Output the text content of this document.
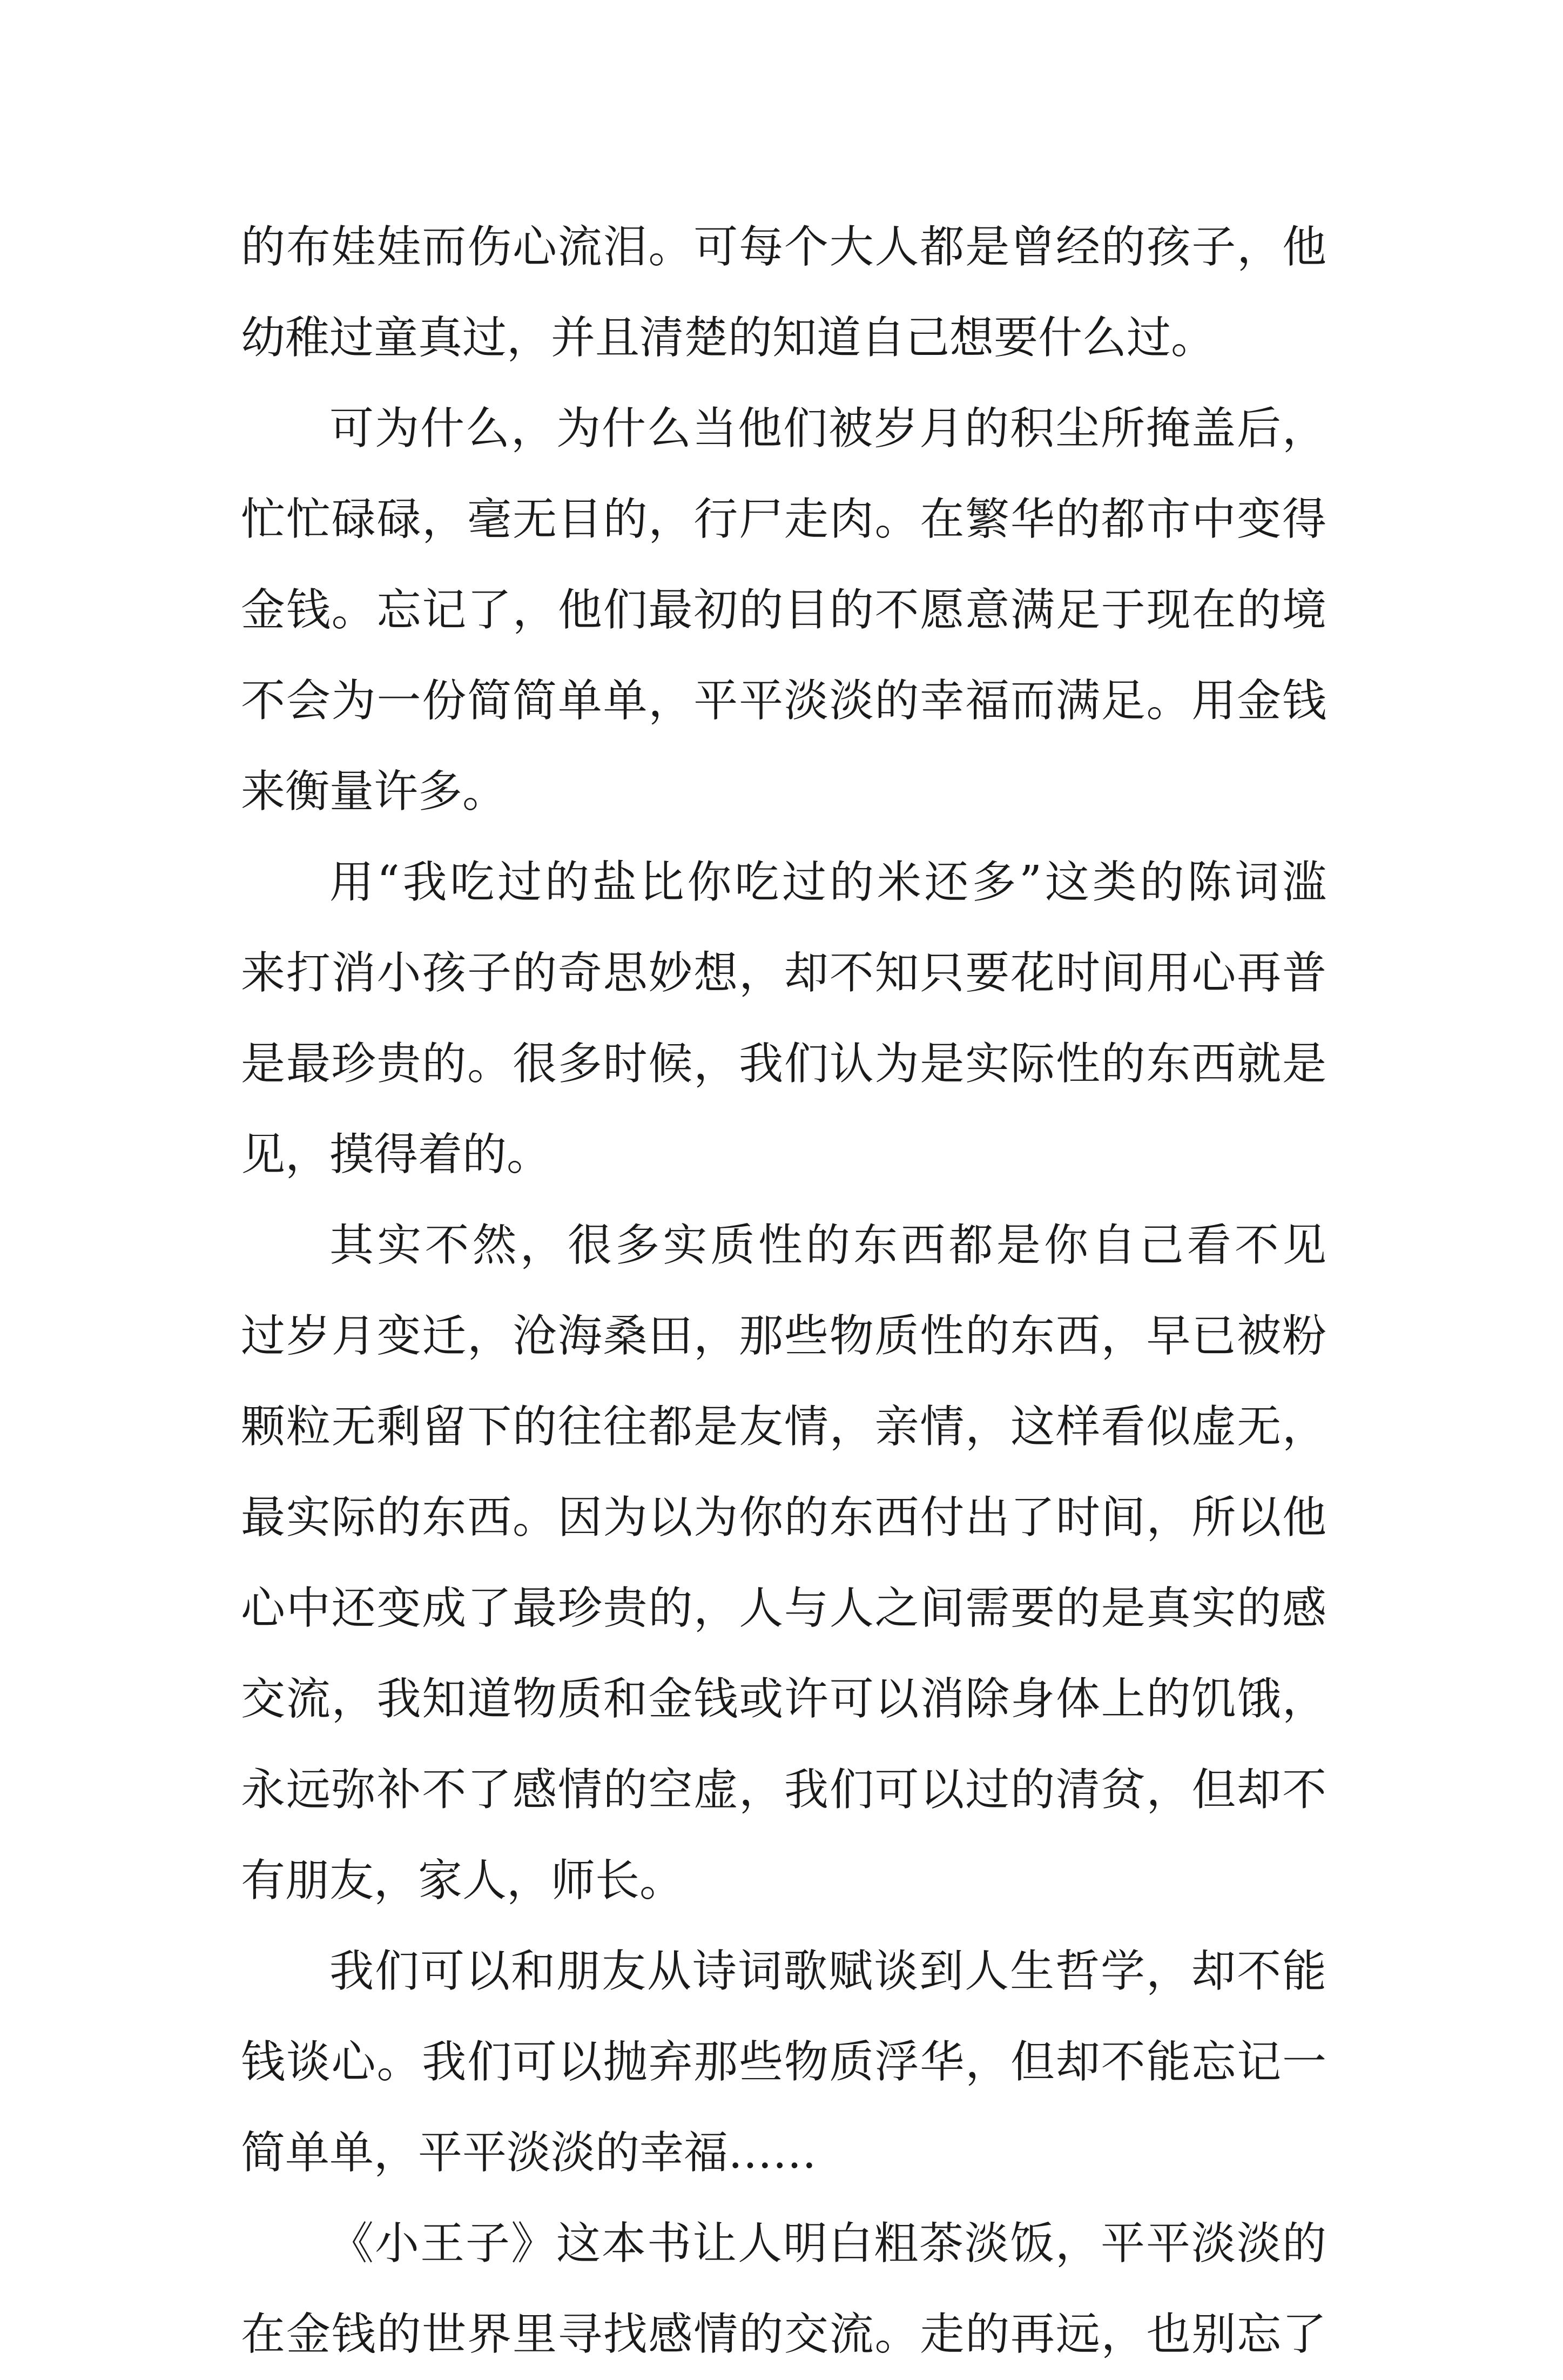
的布娃娃而伤心流泪。可每个大人都是曾经的孩子，他
幼稚过童真过，并且清楚的知道自己想要什么过。
可为什么，为什么当他们被岁月的积尘所掩盖后，
忙忙碌碌，毫无目的，行尸走肉。在繁华的都市中变得
金钱。忘记了，他们最初的目的不愿意满足于现在的境
不会为一份简简单单，平平淡淡的幸福而满足。用金钱
来衡量许多。
用“我吃过的盐比你吃过的米还多”这类的陈词滥
来打消小孩子的奇思妙想，却不知只要花时间用心再普
是最珍贵的。很多时候，我们认为是实际性的东西就是
见，摸得着的。
其实不然，很多实质性的东西都是你自己看不见
过岁月变迁，沧海桑田，那些物质性的东西，早已被粉
颗粒无剩留下的往往都是友情，亲情，这样看似虚无，
最实际的东西。因为以为你的东西付出了时间，所以他
心中还变成了最珍贵的，人与人之间需要的是真实的感
交流，我知道物质和金钱或许可以消除身体上的饥饿，
永远弥补不了感情的空虚，我们可以过的清贫，但却不
有朋友，家人，师长。
我们可以和朋友从诗词歌赋谈到人生哲学，却不能
钱谈心。我们可以抛弃那些物质浮华，但却不能忘记一
简单单，平平淡淡的幸福……
《小王子》这本书让人明白粗茶淡饭，平平淡淡的
在金钱的世界里寻找感情的交流。走的再远，也别忘了
